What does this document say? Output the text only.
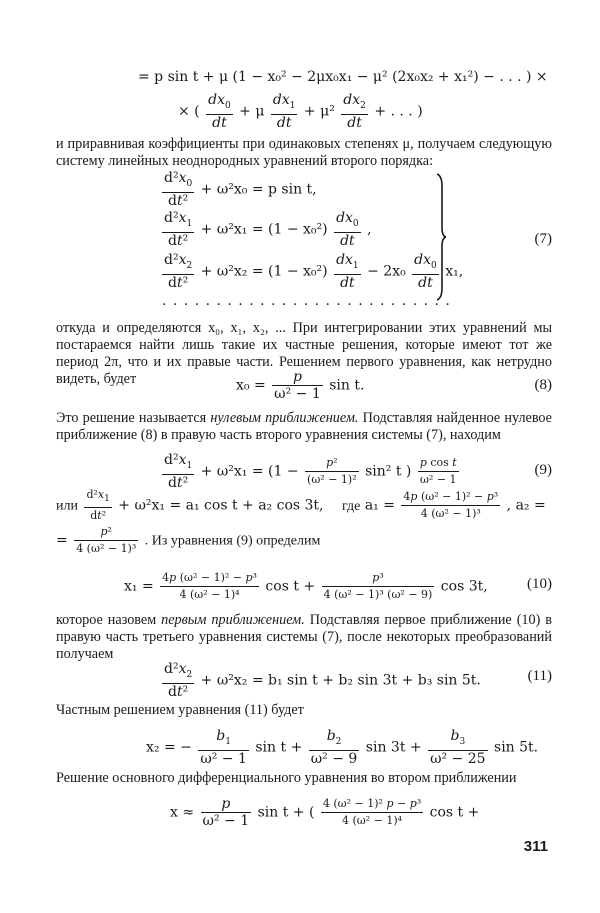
= p sin t + μ (1 − x₀² − 2μx₀x₁ − μ² (2x₀x₂ + x₁²) − . . . ) ×
× ( $\frac{dx_0}{dt} + \mu \frac{dx_1}{dt} + \mu^2 \frac{dx_2}{dt}$ + . . . )
и приравнивая коэффициенты при одинаковых степенях μ, получаем следующую систему линейных неоднородных уравнений второго порядка:
$\frac{d^2x_0}{\text{dt²}} + \omega^2x_0 = p$ sin t,
$\frac{d^2x_1}{\text{dt²}} + \omega^2x_1 = (1 - x_0^2) \frac{dx_0}{dt}$ ,
$\frac{d^2x_2}{\text{dt²}} + \omega^2x_2 = (1 - x_0^2) \frac{dx_1}{dt} - 2x_0 \frac{dx_0}{dt} x_1$,
. . . . . . . . . . . . . . . . . . . . . . . . . . .
(7)
откуда и определяются x₀, x₁, x₂, ... При интегрировании этих уравнений мы постараемся найти лишь такие их частные решения, которые имеют тот же период 2π, что и их правые части. Решением первого уравнения, как нетрудно видеть, будет	$x_0 = \frac{p}{\text{ω² − 1}}$ sin t.	(8)
Это решение называется нулевым приближением. Подставляя найденное нулевое приближение (8) в правую часть второго уравнения системы (7), находим
$\frac{d^2x_1}{\text{dt²}} + \omega^2x_1 = (1 - \frac{\text{p²}}{\text{(ω² − 1)²}} \sin^2$ t ) $\frac{\text{p cos t}}{\text{ω² − 1}}$	(9)
или $\frac{d^2x_1}{\text{dt²}} + \omega^2x_1 = a_1$ cos t + a₂ cos 3t, где $a_1 = \frac{\text{4p (ω² − 1)² − p³}}{\text{4 (ω² − 1)³}}$ , a₂ =
= $\frac{\text{p²}}{\text{4 (ω² − 1)³}}$ . Из уравнения (9) определим
$x_1 = \frac{\text{4p (ω² − 1)² − p³}}{\text{4 (ω² − 1)⁴}}$ $\cos t + \frac{\text{p³}}{\text{4 (ω² − 1)³ (ω² − 9)}}$ cos 3t,	(10)
которое назовем первым приближением. Подставляя первое приближение (10) в правую часть третьего уравнения системы (7), после некоторых преобразований получаем
$\frac{d^2x_2}{\text{dt²}} + \omega^2x_2 = b_1$ sin t + b₂ sin 3t + b₃ sin 5t.	(11)
Частным решением уравнения (11) будет
x₂ = − $\frac{b_1}{\text{ω² − 1}}$ $\sin t + \frac{b_2}{\text{ω² − 9}}$ $\sin 3t + \frac{b_3}{\text{ω² − 25}}$ sin 5t.
Решение основного дифференциального уравнения во втором приближении
$x \approx \frac{p}{\text{ω² − 1}}$ sin t + ( $\frac{\text{4 (ω² − 1)² p − p³}}{\text{4 (ω² − 1)⁴}}$ cos t +
311
